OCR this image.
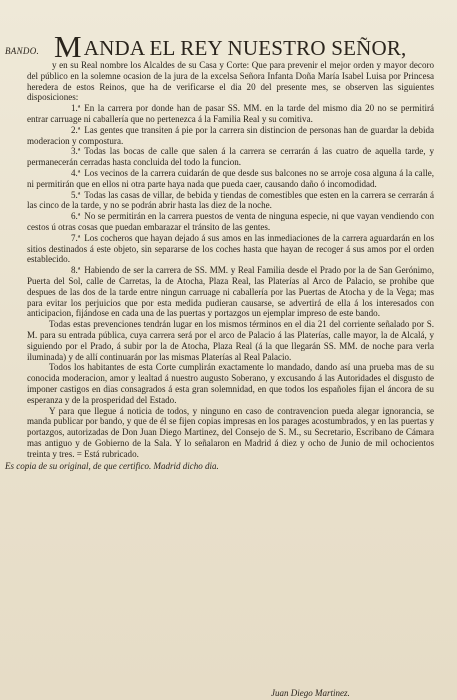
BANDO. MANDA EL REY NUESTRO SEÑOR,

y en su Real nombre los Alcaldes de su Casa y Corte: Que para prevenir el mejor orden y mayor decoro del público en la solemne ocasion de la jura de la excelsa Señora Infanta Doña María Isabel Luisa por Princesa heredera de estos Reinos, que ha de verificarse el dia 20 del presente mes, se observen las siguientes disposiciones:

1.ª En la carrera por donde han de pasar SS. MM. en la tarde del mismo dia 20 no se permitirá entrar carruage ni caballería que no pertenezca á la Familia Real y su comitiva.

2.ª Las gentes que transiten á pie por la carrera sin distincion de personas han de guardar la debida moderacion y compostura.

3.ª Todas las bocas de calle que salen á la carrera se cerrarán á las cuatro de aquella tarde, y permanecerán cerradas hasta concluida del todo la funcion.

4.ª Los vecinos de la carrera cuidarán de que desde sus balcones no se arroje cosa alguna á la calle, ni permitirán que en ellos ni otra parte haya nada que pueda caer, causando daño ó incomodidad.

5.ª Todas las casas de villar, de bebida y tiendas de comestibles que esten en la carrera se cerrarán á las cinco de la tarde, y no se podrán abrir hasta las diez de la noche.

6.ª No se permitirán en la carrera puestos de venta de ninguna especie, ni que vayan vendiendo con cestos ú otras cosas que puedan embarazar el tránsito de las gentes.

7.ª Los cocheros que hayan dejado á sus amos en las inmediaciones de la carrera aguardarán en los sitios destinados á este objeto, sin separarse de los coches hasta que hayan de recoger á sus amos por el orden establecido.

8.ª Habiendo de ser la carrera de SS. MM. y Real Familia desde el Prado por la de San Gerónimo, Puerta del Sol, calle de Carretas, la de Atocha, Plaza Real, las Platerías al Arco de Palacio, se prohibe que despues de las dos de la tarde entre ningun carruage ni caballería por las Puertas de Atocha y de la Vega; mas para evitar los perjuicios que por esta medida pudieran causarse, se advertirá de ella á los interesados con anticipacion, fijándose en cada una de las puertas y portazgos un ejemplar impreso de este bando.

Todas estas prevenciones tendrán lugar en los mismos términos en el dia 21 del corriente señalado por S. M. para su entrada pública, cuya carrera será por el arco de Palacio á las Platerías, calle mayor, la de Alcalá, y siguiendo por el Prado, á subir por la de Atocha, Plaza Real (á la que llegarán SS. MM. de noche para verla iluminada) y de allí continuarán por las mismas Platerías al Real Palacio.

Todos los habitantes de esta Corte cumplirán exactamente lo mandado, dando así una prueba mas de su conocida moderacion, amor y lealtad á nuestro augusto Soberano, y excusando á las Autoridades el disgusto de imponer castigos en dias consagrados á esta gran solemnidad, en que todos los españoles fijan el áncora de su esperanza y de la prosperidad del Estado.

Y para que llegue á noticia de todos, y ninguno en caso de contravencion pueda alegar ignorancia, se manda publicar por bando, y que de él se fijen copias impresas en los parages acostumbrados, y en las puertas y portazgos, autorizadas de Don Juan Diego Martinez, del Consejo de S. M., su Secretario, Escribano de Cámara mas antiguo y de Gobierno de la Sala. Y lo señalaron en Madrid á diez y ocho de Junio de mil ochocientos treinta y tres. = Está rubricado.

Es copia de su original, de que certifico. Madrid dicho dia.

Juan Diego Martinez.
